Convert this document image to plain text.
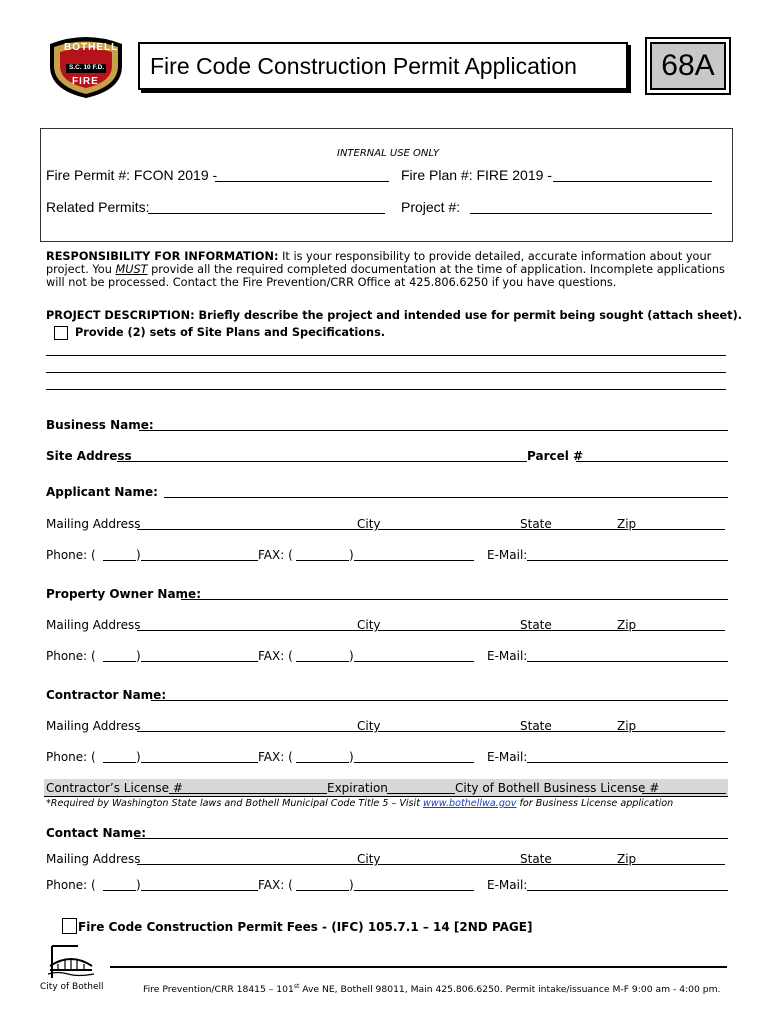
BOTHELL
S.C. 10 F.D.
FIRE
Fire Code Construction Permit Application	68A
INTERNAL USE ONLY
Fire Permit #: FCON 2019 -	Fire Plan #: FIRE 2019 -
Related Permits:	Project #:
RESPONSIBILITY FOR INFORMATION: It is your responsibility to provide detailed, accurate information about your
project. You MUST provide all the required completed documentation at the time of application. Incomplete applications
will not be processed. Contact the Fire Prevention/CRR Office at 425.806.6250 if you have questions.
PROJECT DESCRIPTION: Briefly describe the project and intended use for permit being sought (attach sheet).
Provide (2) sets of Site Plans and Specifications.
Business Name:
Site Address	Parcel #
Applicant Name:
Mailing Address	City	State	Zip
Phone: (	)	FAX: (	)	E-Mail:
Property Owner Name:
Mailing Address	City	State	Zip
Phone: (	)	FAX: (	)	E-Mail:
Contractor Name:
Mailing Address	City	State	Zip
Phone: (	)	FAX: (	)	E-Mail:
Contractor’s License #	Expiration	City of Bothell Business License #
*Required by Washington State laws and Bothell Municipal Code Title 5 – Visit www.bothellwa.gov for Business License application
Contact Name:
Mailing Address	City	State	Zip
Phone: (	)	FAX: (	)	E-Mail:
Fire Code Construction Permit Fees - (IFC) 105.7.1 – 14 [2ND PAGE]
City of Bothell	Fire Prevention/CRR 18415 – 101st Ave NE, Bothell 98011, Main 425.806.6250. Permit intake/issuance M-F 9:00 am - 4:00 pm.
